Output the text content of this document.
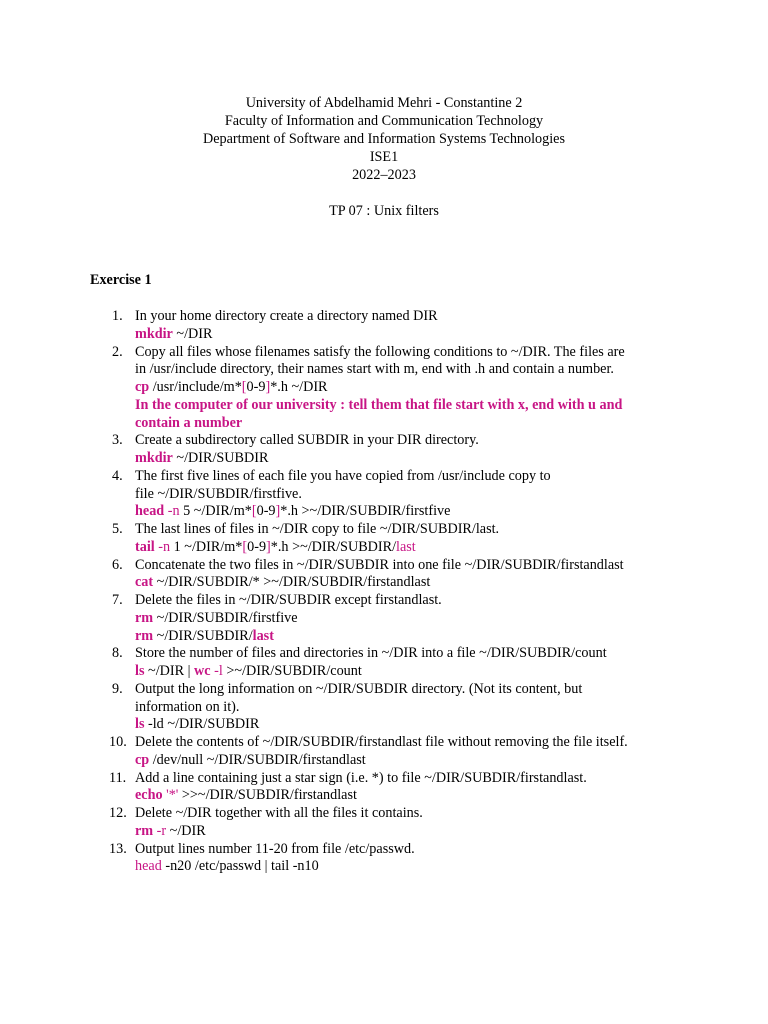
University of Abdelhamid Mehri - Constantine 2
Faculty of Information and Communication Technology
Department of Software and Information Systems Technologies
ISE1
2022–2023
TP 07 : Unix filters
Exercise 1
1. In your home directory create a directory named DIR
mkdir ~/DIR
2. Copy all files whose filenames satisfy the following conditions to ~/DIR. The files are
in /usr/include directory, their names start with m, end with .h and contain a number.
cp /usr/include/m*[0-9]*.h ~/DIR
In the computer of our university : tell them that file start with x, end with u and
contain a number
3. Create a subdirectory called SUBDIR in your DIR directory.
mkdir ~/DIR/SUBDIR
4. The first five lines of each file you have copied from /usr/include copy to
file ~/DIR/SUBDIR/firstfive.
head -n 5 ~/DIR/m*[0-9]*.h >~/DIR/SUBDIR/firstfive
5. The last lines of files in ~/DIR copy to file ~/DIR/SUBDIR/last.
tail -n 1 ~/DIR/m*[0-9]*.h >~/DIR/SUBDIR/last
6. Concatenate the two files in ~/DIR/SUBDIR into one file ~/DIR/SUBDIR/firstandlast
cat ~/DIR/SUBDIR/* >~/DIR/SUBDIR/firstandlast
7. Delete the files in ~/DIR/SUBDIR except firstandlast.
rm ~/DIR/SUBDIR/firstfive
rm ~/DIR/SUBDIR/last
8. Store the number of files and directories in ~/DIR into a file ~/DIR/SUBDIR/count
ls ~/DIR | wc -l >~/DIR/SUBDIR/count
9. Output the long information on ~/DIR/SUBDIR directory. (Not its content, but
information on it).
ls -ld ~/DIR/SUBDIR
10. Delete the contents of ~/DIR/SUBDIR/firstandlast file without removing the file itself.
cp /dev/null ~/DIR/SUBDIR/firstandlast
11. Add a line containing just a star sign (i.e. *) to file ~/DIR/SUBDIR/firstandlast.
echo '*' >>~/DIR/SUBDIR/firstandlast
12. Delete ~/DIR together with all the files it contains.
rm -r ~/DIR
13. Output lines number 11-20 from file /etc/passwd.
head -n20 /etc/passwd | tail -n10
